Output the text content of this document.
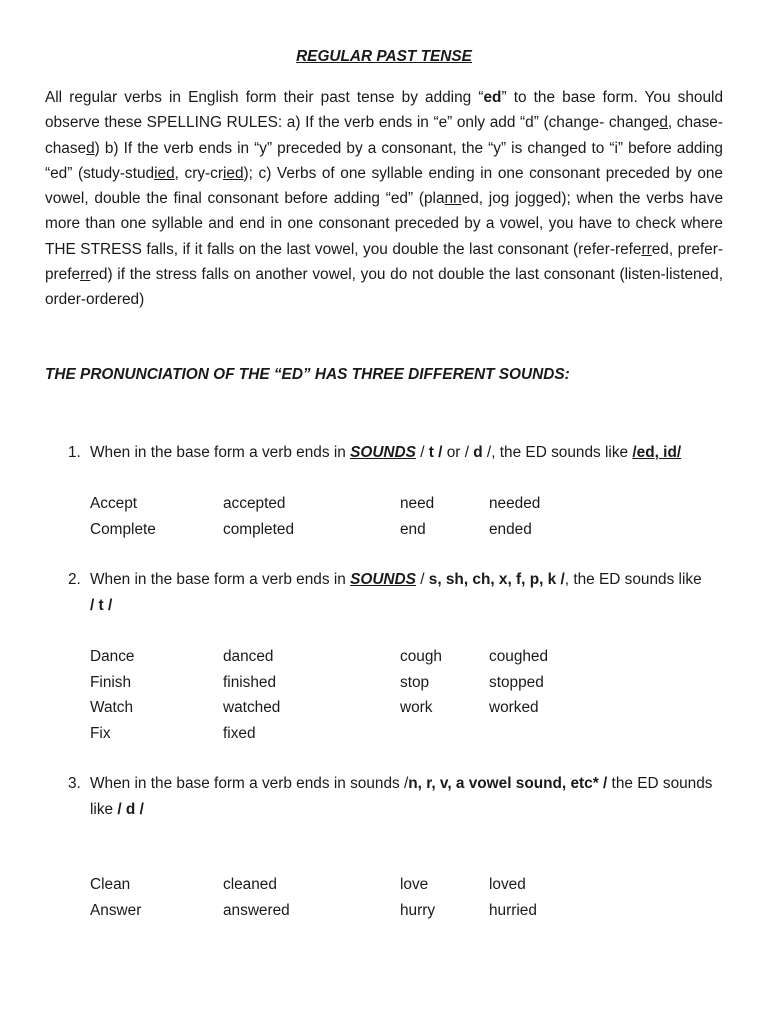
REGULAR PAST TENSE
All regular verbs in English form their past tense by adding “ed” to the base form. You should observe these SPELLING RULES: a) If the verb ends in “e” only add “d” (change- changed, chase-chased) b) If the verb ends in “y” preceded by a consonant, the “y” is changed to “i” before adding “ed” (study-studied, cry-cried); c) Verbs of one syllable ending in one consonant preceded by one vowel, double the final consonant before adding “ed” (planned, jog jogged); when the verbs have more than one syllable and end in one consonant preceded by a vowel, you have to check where THE STRESS falls, if it falls on the last vowel, you double the last consonant (refer-referred, prefer-preferred) if the stress falls on another vowel, you do not double the last consonant (listen-listened, order-ordered)
THE PRONUNCIATION OF THE “ED” HAS THREE DIFFERENT SOUNDS:
1. When in the base form a verb ends in SOUNDS / t / or / d /, the ED sounds like /ed, id/
Accept	accepted	need	needed
Complete	completed	end	ended
2. When in the base form a verb ends in SOUNDS / s, sh, ch, x, f, p, k /, the ED sounds like
/ t /
Dance	danced	cough	coughed
Finish	finished	stop	stopped
Watch	watched	work	worked
Fix	fixed
3. When in the base form a verb ends in sounds /n, r, v, a vowel sound, etc* / the ED sounds
like / d /
Clean	cleaned	love	loved
Answer	answered	hurry	hurried
